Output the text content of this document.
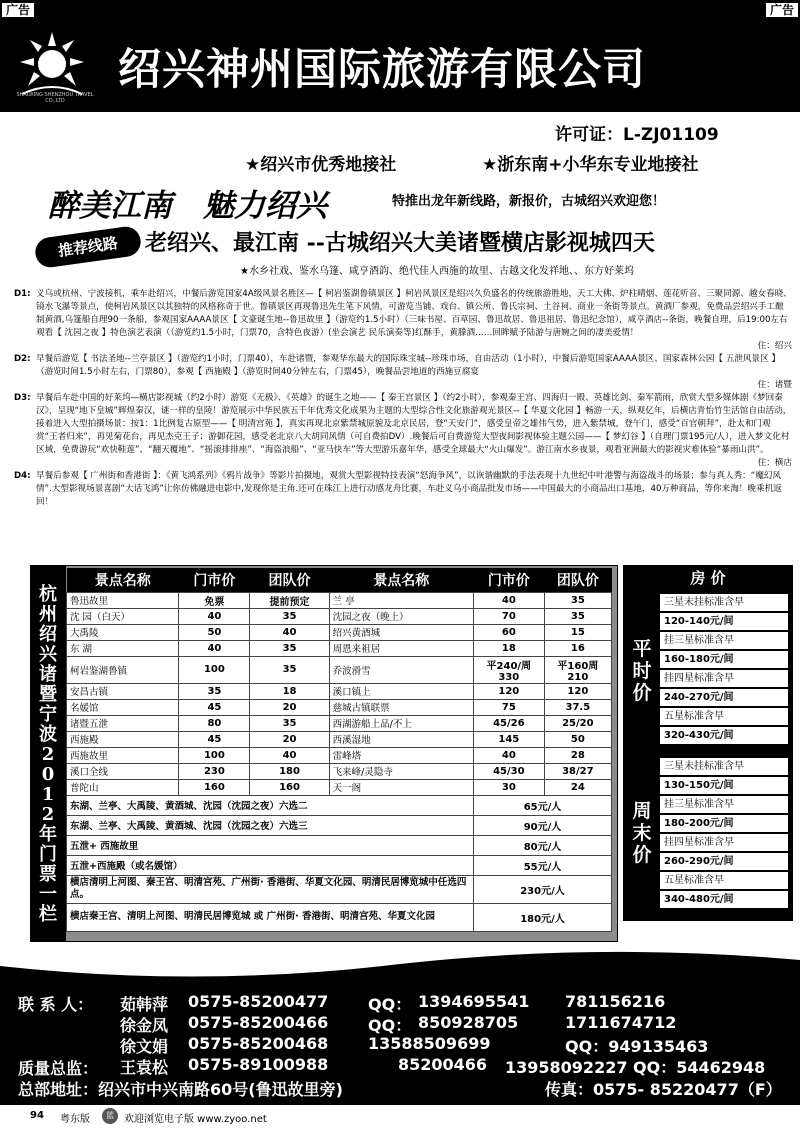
广告	广告
SHAOXING SHENZHOU TRAVEL CO.,LTD
绍兴神州国际旅游有限公司
许可证：L-ZJ01109
★绍兴市优秀地接社	★浙东南+小华东专业地接社
醉美江南　魅力绍兴	特推出龙年新线路，新报价，古城绍兴欢迎您！
推荐线路	老绍兴、最江南 --古城绍兴大美诸暨横店影视城四天
★水乡社戏、鉴水乌篷、咸亨酒韵、绝代佳人西施的故里、古越文化发祥地、、东方好莱坞
D1: 义乌或杭州、宁波接机，乘车赴绍兴，中餐后游览国家4A级风景名胜区—【 柯岩鉴湖鲁镇景区 】柯岩风景区是绍兴久负盛名的传统旅游胜地，天工大佛、炉柱晴烟、莲花听音、三聚同源、越女春晓、镜水飞瀑等景点，使柯岩风景区以其独特的风格称奇于世。鲁镇景区再现鲁迅先生笔下风情，可游览当铺、戏台、镇公所、鲁氏宗祠、土谷祠、商业一条街等景点。黄酒厂参观，免费品尝绍兴手工酿制黄酒,乌篷船自理90一条船，参观国家AAAA景区【 文豪诞生地--鲁迅故里 】（游览约1.5小时）（三味书屋、百草园、鲁迅故居、鲁迅祖居、鲁迅纪念馆），咸亨酒店--条街，晚餐自理，后19:00左右观看【 沈园之夜 】特色演艺表演（（游览约1.5小时，门票70，含特色夜游）(坐会演艺 民乐演奏等)红酥手，黄滕酒……回眸赋予陆游与唐婉之间的凄美爱情！
住：绍兴
D2: 早餐后游览【 书法圣地--兰亭景区 】（游览约1小时，门票40），车赴诸暨，参观华东最大的国际珠宝城--珍珠市场，自由活动（1小时），中餐后游览国家AAAA景区、国家森林公园【 五泄风景区 】（游览时间1.5小时左右，门票80），参观【 西施殿 】（游览时间40分钟左右，门票45），晚餐品尝地道的西施豆腐宴
住：诸暨
D3: 早餐后车赴中国的好莱坞—横店影视城（约2小时）游览《无极》、《英雄》的诞生之地——【 秦王宫景区 】（约2小时），参观秦王宫、四海归一殿、英雄比剑、秦军箭雨，欣赏大型多媒体剧《梦回秦汉》，呈现“地下皇城”辉煌秦汉，谜一样的皇陵！游览展示中华民族五千年优秀文化成果为主题的大型综合性文化旅游观光景区--【 华夏文化园 】畅游一天，纵观亿年，后横店青怡竹生活馆自由活动，接着进入大型拍摄场景：按1：1比例复古原型——【 明清宫苑 】，真实再现北京紫禁城原貌及北京民居，登“天安门”，感受皇帝之雄伟气势，进入紫禁城，登午门，感受“百官朝拜”，赴太和门观赏“王者归来”，再见菊花台，再见杰克王子；游御花园，感受老北京八大胡同风情（可自费拍DV）.晚餐后可自费游览大型夜间影视体验主题公园——【 梦幻谷 】（自理门票195元/人），进入梦文化村区域，免费游玩“欢快鞋莲”、“翻天覆地”、“摇滚排排座”、“海盗浪船”、“亚马快车”等大型游乐嘉年华，感受全球最大“火山爆发”。游江南水乡夜景，观看亚洲最大的影视灾难体验“暴雨山洪”。
住：横店
D4: 早餐后参观【 广州街和香港街 】：《黄飞鸿系列》《鸦片战争》等影片拍摄地，观赏大型影视特技表演“怒海争风”，以诙谐幽默的手法表现十九世纪中叶港警与海盗战斗的场景；参与真人秀：“魔幻风情”.大型影视场景喜剧“大话飞鸿”让你仿佛融进电影中,发现你是主角.还可在珠江上进行动感龙舟比赛，车赴义乌小商品批发市场——中国最大的小商品出口基地，40万种商品，等你来淘！晚乘机返回！
杭
州
绍
兴
诸
暨
宁
波
2
0
1
2
年
门
票
一
栏
景点名称	门市价	团队价	景点名称	门市价	团队价
鲁迅故里	免票	提前预定	兰 亭	40	35
沈 园（白天）	40	35	沈园之夜（晚上）	70	35
大禹陵	50	40	绍兴黄酒城	60	15
东 湖	40	35	周恩来祖居	18	16
柯岩鉴湖鲁镇	100	35	乔波滑雪	平240/周330	平160周210
安昌古镇	35	18	溪口镇上	120	120
名媛馆	45	20	慈城古镇联票	75	37.5
诸暨五泄	80	35	西湖游船上品/不上	45/26	25/20
西施殿	45	20	西溪湿地	145	50
西施故里	100	40	雷峰塔	40	28
溪口全线	230	180	飞来峰/灵隐寺	45/30	38/27
普陀山	160	160	天一阁	30	24
东湖、兰亭、大禹陵、黄酒城、沈园（沈园之夜）六选二				65元/人	
东湖、兰亭、大禹陵、黄酒城、沈园（沈园之夜）六选三				90元/人	
五泄+ 西施故里				80元/人	
五泄+西施殿（或名媛馆）				55元/人	
横店清明上河图、秦王宫、明清宫苑、广州街· 香港街、华夏文化园、明清民居博览城中任选四点。				230元/人	
横店秦王宫、清明上河图、明清民居博览城 或 广州街· 香港街、明清宫苑、华夏文化园				180元/人	
房 价
平时价
周末价
三星未挂标准含早
120-140元/间
挂三星标准含早
160-180元/间
挂四星标准含早
240-270元/间
五星标准含早
320-430元/间
三星未挂标准含早
130-150元/间
挂三星标准含早
180-200元/间
挂四星标准含早
260-290元/间
五星标准含早
340-480元/间
联 系 人：
质量总监：
总部地址：绍兴市中兴南路60号(鲁迅故里旁)	传真：0575- 85220477（F）
茹韩萍 0575-85200477 QQ： 1394695541 781156216
徐金凤 0575-85200466 QQ： 850928705	1711674712
徐文娟 0575-85200468 13588509699	QQ：949135463
王袁松 0575-89100988	85200466 13958092227 QQ：54462948
94 粤东版	蓝	欢迎浏览电子版 www.zyoo.net
